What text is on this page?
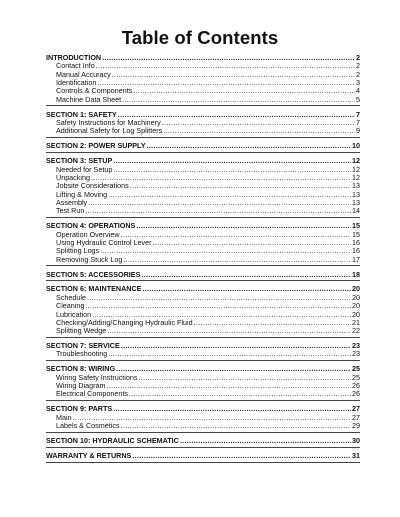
Table of Contents
INTRODUCTION .....	2
Contact Info .....	2
Manual Accuracy .....	2
Identification .....	3
Controls & Components .....	4
Machine Data Sheet .....	5
SECTION 1: SAFETY .....	7
Safety Instructions for Machinery .....	7
Additional Safety for Log Splitters .....	9
SECTION 2: POWER SUPPLY .....	10
SECTION 3: SETUP .....	12
Needed for Setup .....	12
Unpacking .....	12
Jobsite Considerations .....	13
Lifting & Moving .....	13
Assembly .....	13
Test Run .....	14
SECTION 4: OPERATIONS .....	15
Operation Overview .....	15
Using Hydraulic Control Lever .....	16
Splitting Logs .....	16
Removing Stuck Log .....	17
SECTION 5: ACCESSORIES .....	18
SECTION 6: MAINTENANCE .....	20
Schedule .....	20
Cleaning .....	20
Lubrication .....	20
Checking/Adding/Changing Hydraulic Fluid .....	21
Splitting Wedge .....	22
SECTION 7: SERVICE .....	23
Troubleshooting .....	23
SECTION 8: WIRING .....	25
Wiring Safety Instructions .....	25
Wiring Diagram .....	26
Electrical Components .....	26
SECTION 9: PARTS .....	27
Main .....	27
Labels & Cosmetics .....	29
SECTION 10: HYDRAULIC SCHEMATIC .....	30
WARRANTY & RETURNS .....	31
